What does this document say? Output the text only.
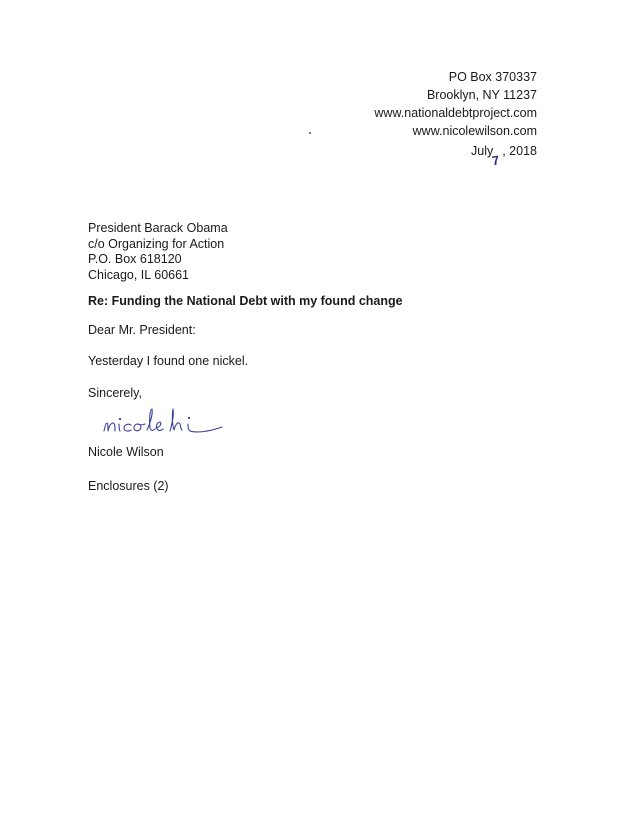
PO Box 370337
Brooklyn, NY 11237
www.nationaldebtproject.com
www.nicolewilson.com
July
7
, 2018
President Barack Obama
c/o Organizing for Action
P.O. Box 618120
Chicago, IL 60661
Re: Funding the National Debt with my found change
Dear Mr. President:
Yesterday I found one nickel.
Sincerely,
Nicole Wilson
Enclosures (2)
